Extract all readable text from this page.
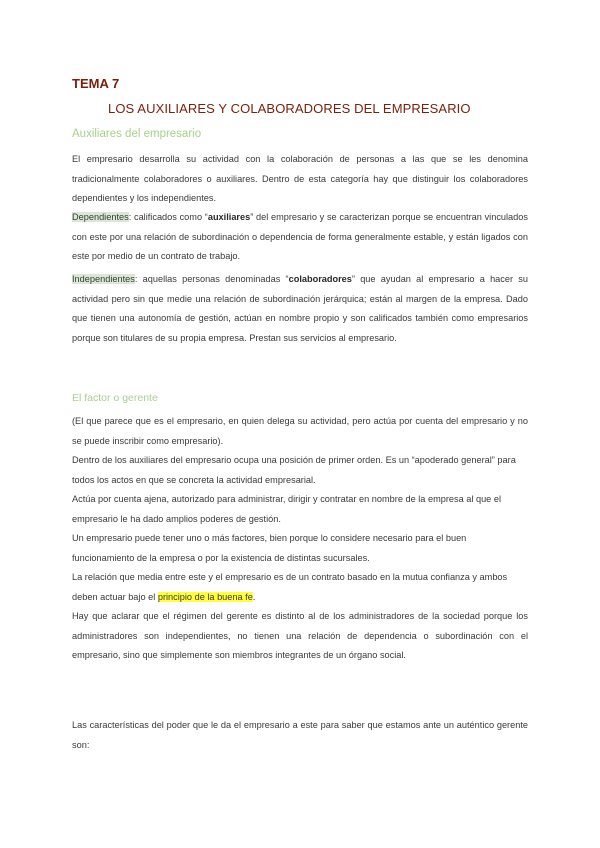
TEMA 7
LOS AUXILIARES Y COLABORADORES DEL EMPRESARIO
Auxiliares del empresario
El empresario desarrolla su actividad con la colaboración de personas a las que se les denomina tradicionalmente colaboradores o auxiliares. Dentro de esta categoría hay que distinguir los colaboradores dependientes y los independientes.
Dependientes: calificados como “auxiliares” del empresario y se caracterizan porque se encuentran vinculados con este por una relación de subordinación o dependencia de forma generalmente estable, y están ligados con este por medio de un contrato de trabajo.
Independientes: aquellas personas denominadas “colaboradores” que ayudan al empresario a hacer su actividad pero sin que medie una relación de subordinación jerárquica; están al margen de la empresa. Dado que tienen una autonomía de gestión, actúan en nombre propio y son calificados también como empresarios porque son titulares de su propia empresa. Prestan sus servicios al empresario.
El factor o gerente
(El que parece que es el empresario, en quien delega su actividad, pero actúa por cuenta del empresario y no se puede inscribir como empresario).
Dentro de los auxiliares del empresario ocupa una posición de primer orden. Es un “apoderado general” para todos los actos en que se concreta la actividad empresarial.
Actúa por cuenta ajena, autorizado para administrar, dirigir y contratar en nombre de la empresa al que el empresario le ha dado amplios poderes de gestión.
Un empresario puede tener uno o más factores, bien porque lo considere necesario para el buen funcionamiento de la empresa o por la existencia de distintas sucursales.
La relación que media entre este y el empresario es de un contrato basado en la mutua confianza y ambos deben actuar bajo el principio de la buena fe.
Hay que aclarar que el régimen del gerente es distinto al de los administradores de la sociedad porque los administradores son independientes, no tienen una relación de dependencia o subordinación con el empresario, sino que simplemente son miembros integrantes de un órgano social.
Las características del poder que le da el empresario a este para saber que estamos ante un auténtico gerente son:
